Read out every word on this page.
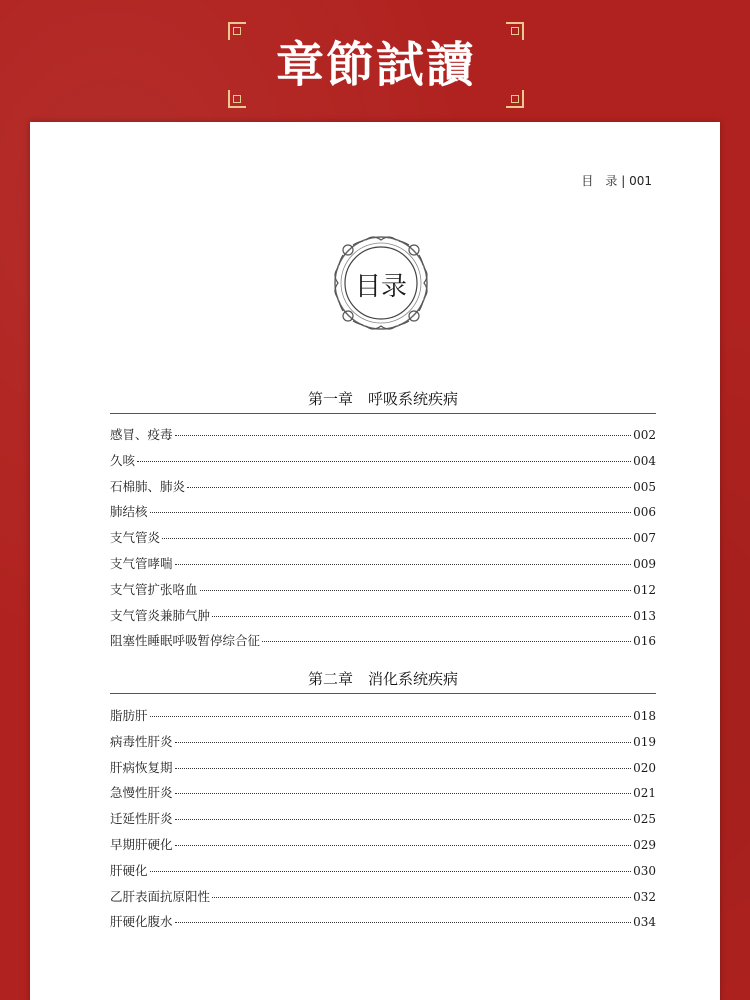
章節試讀
目　录 | 001
目录
第一章　呼吸系统疾病
感冒、疫毒	002
久咳	004
石棉肺、肺炎	005
肺结核	006
支气管炎	007
支气管哮喘	009
支气管扩张咯血	012
支气管炎兼肺气肿	013
阻塞性睡眠呼吸暂停综合征	016
第二章　消化系统疾病
脂肪肝	018
病毒性肝炎	019
肝病恢复期	020
急慢性肝炎	021
迁延性肝炎	025
早期肝硬化	029
肝硬化	030
乙肝表面抗原阳性	032
肝硬化腹水	034
